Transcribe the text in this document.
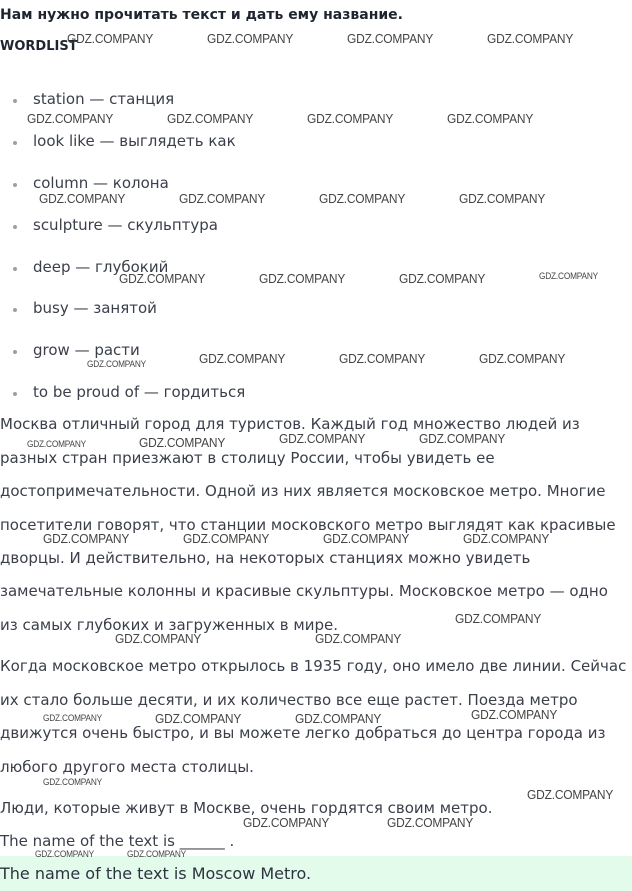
Нам нужно прочитать текст и дать ему название.
WORDLIST
station — станция
look like — выглядеть как
column — колона
sculpture — скульптура
deep — глубокий
busy — занятой
grow — расти
to be proud of — гордиться
Москва отличный город для туристов. Каждый год множество людей из
разных стран приезжают в столицу России, чтобы увидеть ее
достопримечательности. Одной из них является московское метро. Многие
посетители говорят, что станции московского метро выглядят как красивые
дворцы. И действительно, на некоторых станциях можно увидеть
замечательные колонны и красивые скульптуры. Московское метро — одно
из самых глубоких и загруженных в мире.
Когда московское метро открылось в 1935 году, оно имело две линии. Сейчас
их стало больше десяти, и их количество все еще растет. Поезда метро
движутся очень быстро, и вы можете легко добраться до центра города из
любого другого места столицы.
Люди, которые живут в Москве, очень гордятся своим метро.
The name of the text is ______ .
The name of the text is Moscow Metro.
GDZ.COMPANY	GDZ.COMPANY	GDZ.COMPANY	GDZ.COMPANY
GDZ.COMPANY	GDZ.COMPANY	GDZ.COMPANY	GDZ.COMPANY
GDZ.COMPANY	GDZ.COMPANY	GDZ.COMPANY	GDZ.COMPANY
GDZ.COMPANY	GDZ.COMPANY	GDZ.COMPANY	GDZ.COMPANY
GDZ.COMPANY	GDZ.COMPANY	GDZ.COMPANY	GDZ.COMPANY
GDZ.COMPANY	GDZ.COMPANY	GDZ.COMPANY	GDZ.COMPANY
GDZ.COMPANY	GDZ.COMPANY	GDZ.COMPANY	GDZ.COMPANY
GDZ.COMPANY
GDZ.COMPANY	GDZ.COMPANY
GDZ.COMPANY	GDZ.COMPANY	GDZ.COMPANY	GDZ.COMPANY
GDZ.COMPANY
GDZ.COMPANY
GDZ.COMPANY	GDZ.COMPANY
GDZ.COMPANY	GDZ.COMPANY
